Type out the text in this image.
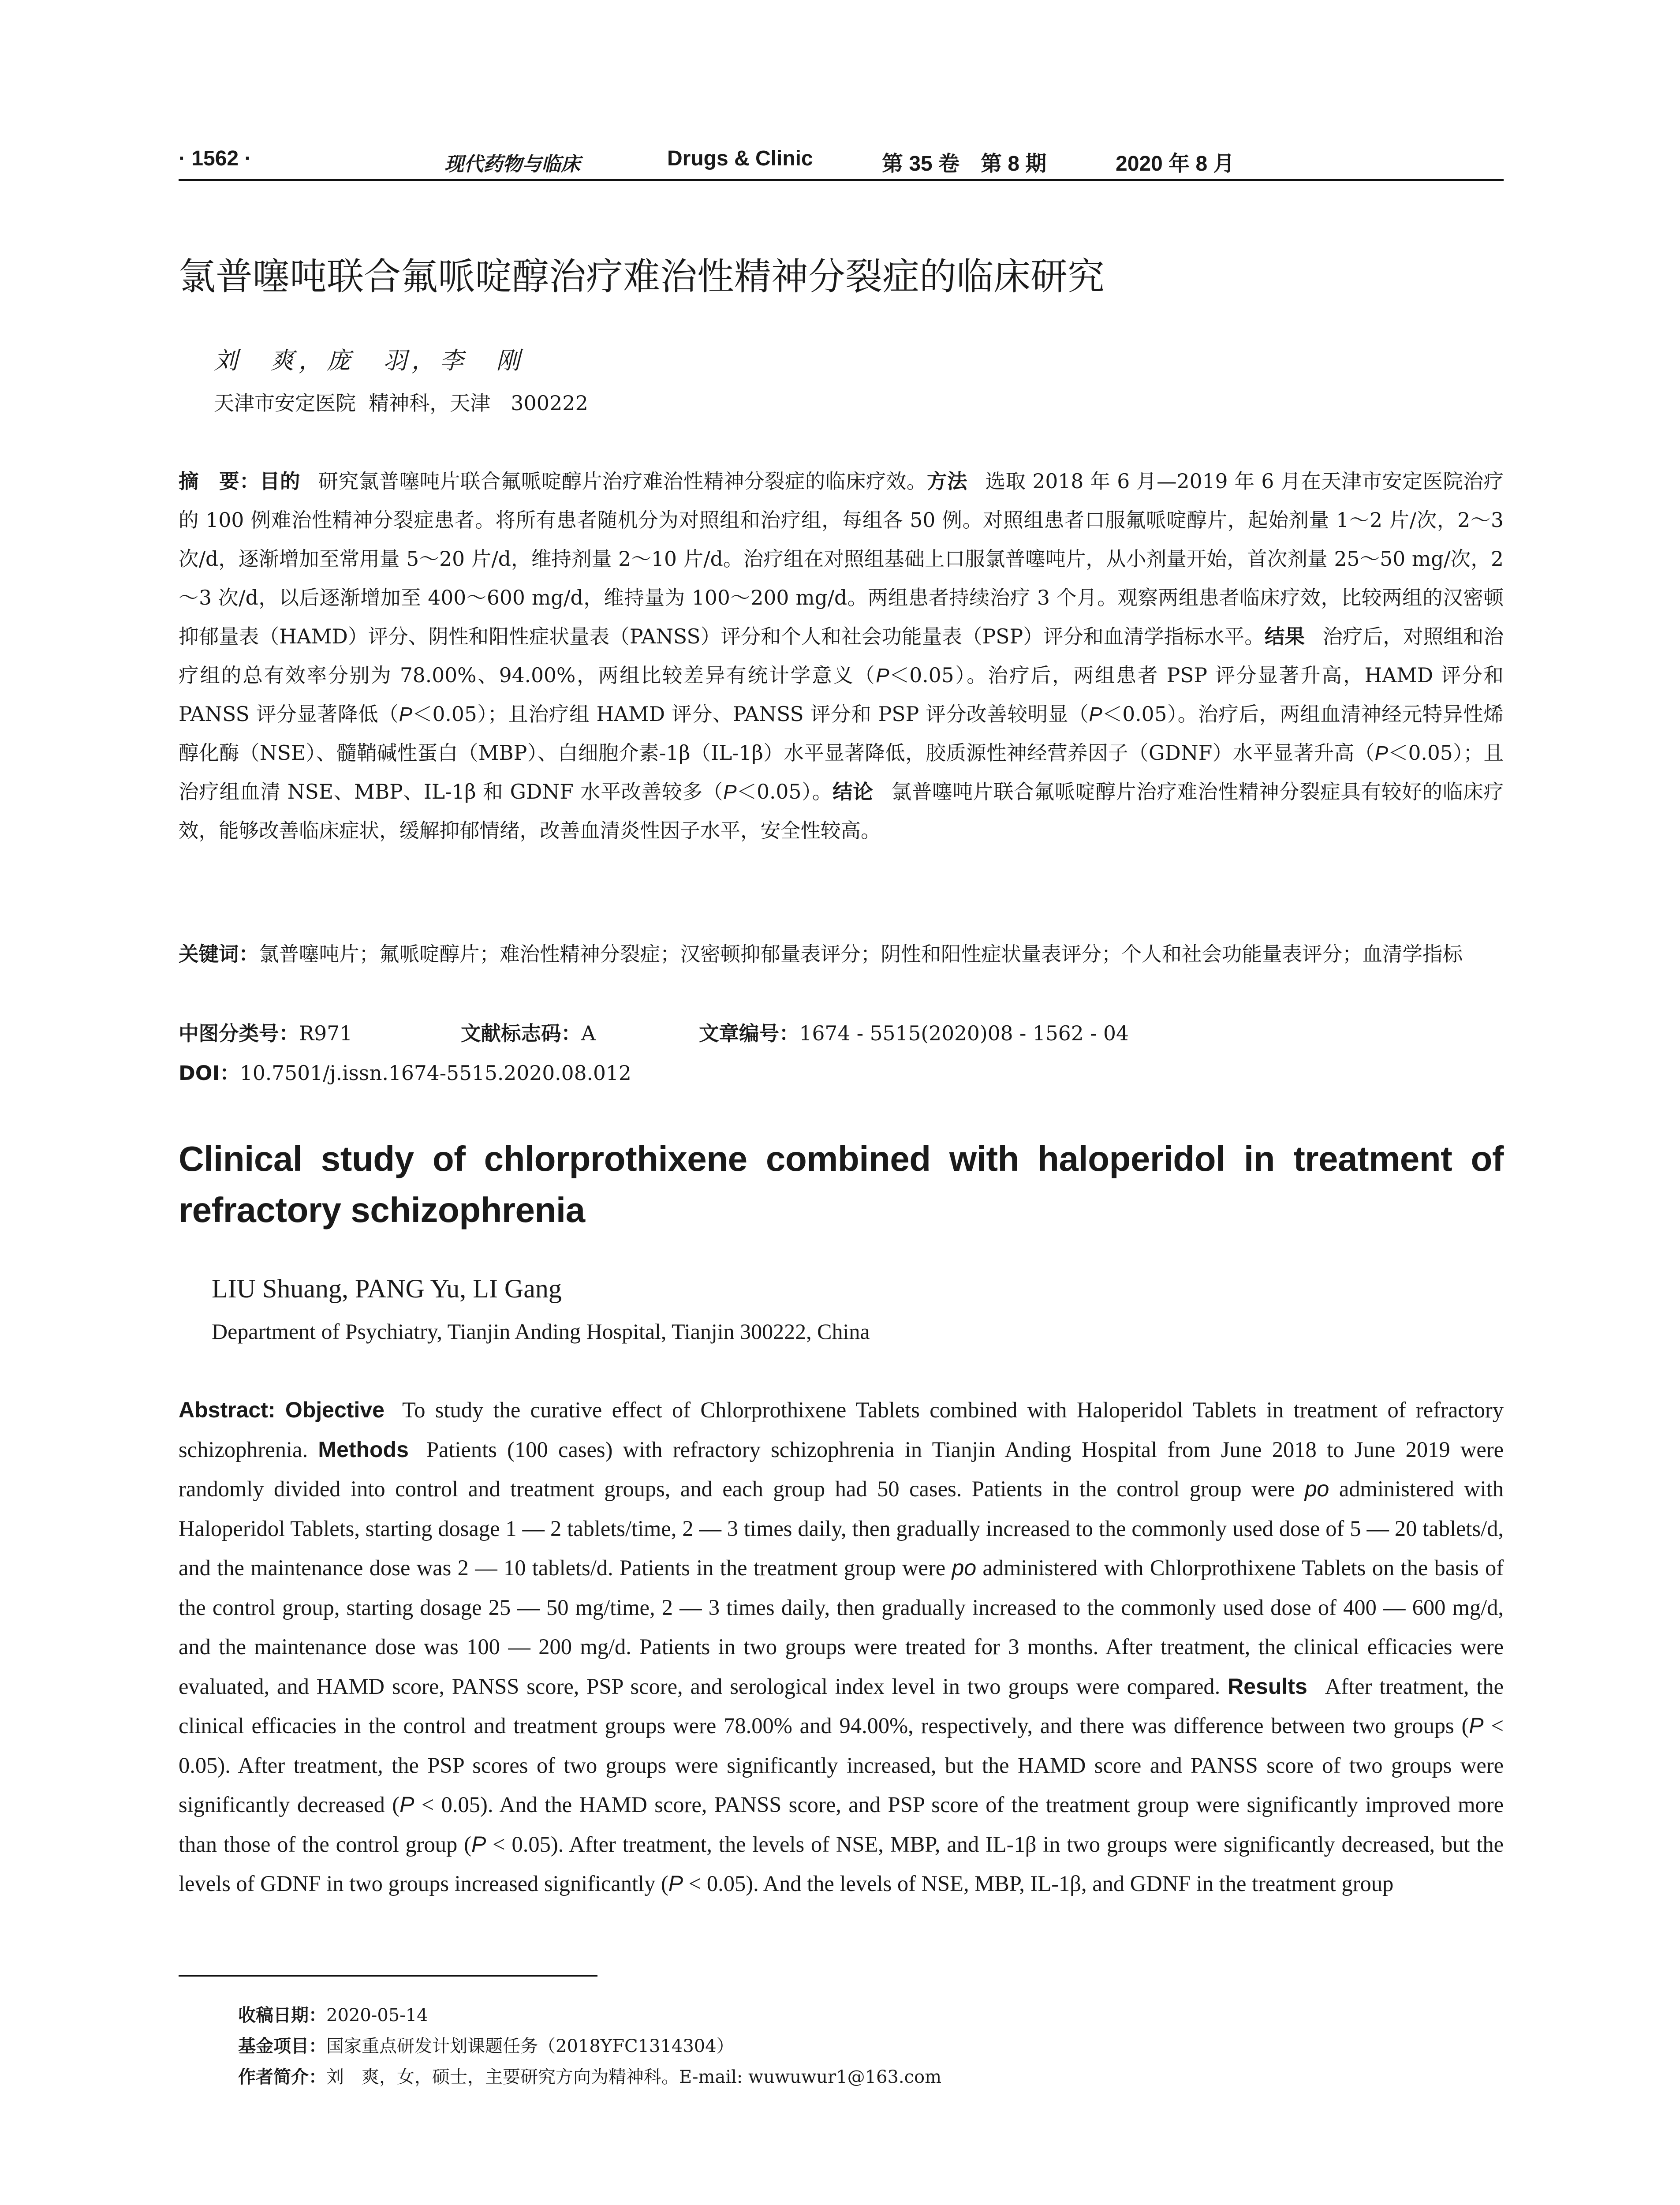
· 1562 ·	现代药物与临床	Drugs & Clinic	第 35 卷　第 8 期	2020 年 8 月
氯普噻吨联合氟哌啶醇治疗难治性精神分裂症的临床研究
刘　爽，庞　羽，李　刚
天津市安定医院  精神科，天津　300222
摘　要：目的 研究氯普噻吨片联合氟哌啶醇片治疗难治性精神分裂症的临床疗效。方法 选取 2018 年 6 月—2019 年 6 月在天津市安定医院治疗的 100 例难治性精神分裂症患者。将所有患者随机分为对照组和治疗组，每组各 50 例。对照组患者口服氟哌啶醇片，起始剂量 1～2 片/次，2～3 次/d，逐渐增加至常用量 5～20 片/d，维持剂量 2～10 片/d。治疗组在对照组基础上口服氯普噻吨片，从小剂量开始，首次剂量 25～50 mg/次，2～3 次/d，以后逐渐增加至 400～600 mg/d，维持量为 100～200 mg/d。两组患者持续治疗 3 个月。观察两组患者临床疗效，比较两组的汉密顿抑郁量表（HAMD）评分、阴性和阳性症状量表（PANSS）评分和个人和社会功能量表（PSP）评分和血清学指标水平。结果 治疗后，对照组和治疗组的总有效率分别为 78.00%、94.00%，两组比较差异有统计学意义（P＜0.05）。治疗后，两组患者 PSP 评分显著升高，HAMD 评分和 PANSS 评分显著降低（P＜0.05）；且治疗组 HAMD 评分、PANSS 评分和 PSP 评分改善较明显（P＜0.05）。治疗后，两组血清神经元特异性烯醇化酶（NSE）、髓鞘碱性蛋白（MBP）、白细胞介素-1β（IL-1β）水平显著降低，胶质源性神经营养因子（GDNF）水平显著升高（P＜0.05）；且治疗组血清 NSE、MBP、IL-1β 和 GDNF 水平改善较多（P＜0.05）。结论 氯普噻吨片联合氟哌啶醇片治疗难治性精神分裂症具有较好的临床疗效，能够改善临床症状，缓解抑郁情绪，改善血清炎性因子水平，安全性较高。
关键词：氯普噻吨片；氟哌啶醇片；难治性精神分裂症；汉密顿抑郁量表评分；阴性和阳性症状量表评分；个人和社会功能量表评分；血清学指标
中图分类号：R971	文献标志码：A	文章编号：1674 - 5515(2020)08 - 1562 - 04
DOI：10.7501/j.issn.1674-5515.2020.08.012
Clinical study of chlorprothixene combined with haloperidol in treatment of refractory schizophrenia
LIU Shuang, PANG Yu, LI Gang
Department of Psychiatry, Tianjin Anding Hospital, Tianjin 300222, China
Abstract: Objective To study the curative effect of Chlorprothixene Tablets combined with Haloperidol Tablets in treatment of refractory schizophrenia. Methods Patients (100 cases) with refractory schizophrenia in Tianjin Anding Hospital from June 2018 to June 2019 were randomly divided into control and treatment groups, and each group had 50 cases. Patients in the control group were po administered with Haloperidol Tablets, starting dosage 1 — 2 tablets/time, 2 — 3 times daily, then gradually increased to the commonly used dose of 5 — 20 tablets/d, and the maintenance dose was 2 — 10 tablets/d. Patients in the treatment group were po administered with Chlorprothixene Tablets on the basis of the control group, starting dosage 25 — 50 mg/time, 2 — 3 times daily, then gradually increased to the commonly used dose of 400 — 600 mg/d, and the maintenance dose was 100 — 200 mg/d. Patients in two groups were treated for 3 months. After treatment, the clinical efficacies were evaluated, and HAMD score, PANSS score, PSP score, and serological index level in two groups were compared. Results After treatment, the clinical efficacies in the control and treatment groups were 78.00% and 94.00%, respectively, and there was difference between two groups (P < 0.05). After treatment, the PSP scores of two groups were significantly increased, but the HAMD score and PANSS score of two groups were significantly decreased (P < 0.05). And the HAMD score, PANSS score, and PSP score of the treatment group were significantly improved more than those of the control group (P < 0.05). After treatment, the levels of NSE, MBP, and IL-1β in two groups were significantly decreased, but the levels of GDNF in two groups increased significantly (P < 0.05). And the levels of NSE, MBP, IL-1β, and GDNF in the treatment group
收稿日期：2020-05-14
基金项目：国家重点研发计划课题任务（2018YFC1314304）
作者简介：刘　爽，女，硕士，主要研究方向为精神科。E-mail: wuwuwur1@163.com
